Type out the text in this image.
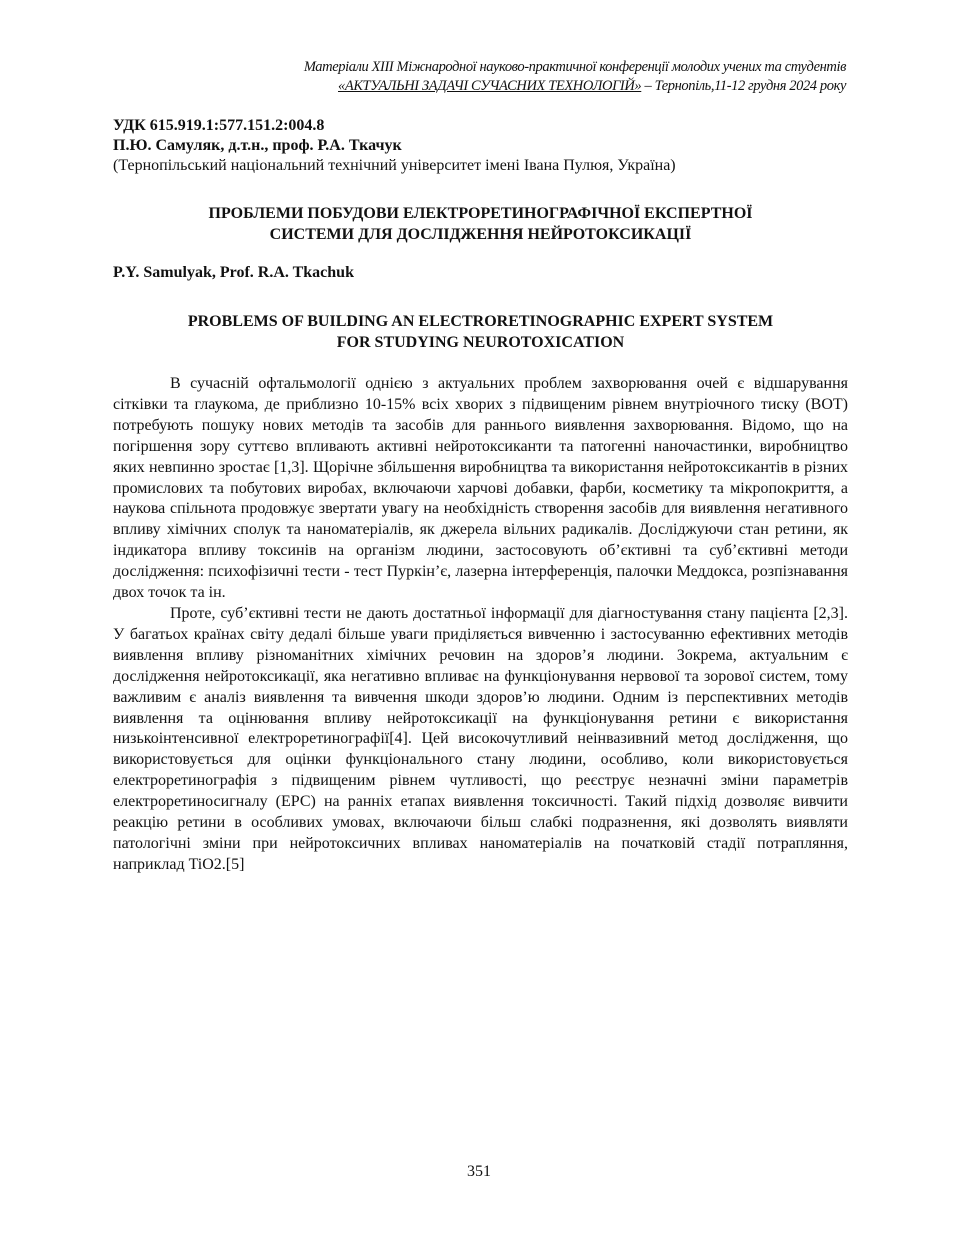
Матеріали XIII Міжнародної науково-практичної конференції молодих учених та студентів
«АКТУАЛЬНІ ЗАДАЧІ СУЧАСНИХ ТЕХНОЛОГІЙ» – Тернопіль,11-12 грудня 2024 року
УДК 615.919.1:577.151.2:004.8
П.Ю. Самуляк, д.т.н., проф. Р.А. Ткачук
(Тернопільський національний технічний університет імені Івана Пулюя, Україна)
ПРОБЛЕМИ ПОБУДОВИ ЕЛЕКТРОРЕТИНОГРАФІЧНОЇ ЕКСПЕРТНОЇ
СИСТЕМИ ДЛЯ ДОСЛІДЖЕННЯ НЕЙРОТОКСИКАЦІЇ
P.Y. Samulyak, Prof. R.A. Tkachuk
PROBLEMS OF BUILDING AN ELECTRORETINOGRAPHIC EXPERT SYSTEM
FOR STUDYING NEUROTOXICATION

В сучасній офтальмології однією з актуальних проблем захворювання очей є відшарування сітківки та глаукома, де приблизно 10-15% всіх хворих з підвищеним рівнем внутріочного тиску (ВОТ) потребують пошуку нових методів та засобів для раннього виявлення захворювання. Відомо, що на погіршення зору суттєво впливають активні нейротоксиканти та патогенні наночастинки, виробництво яких невпинно зростає [1,3]. Щорічне збільшення виробництва та використання нейротоксикантів в різних промислових та побутових виробах, включаючи харчові добавки, фарби, косметику та мікропокриття, а наукова спільнота продовжує звертати увагу на необхідність створення засобів для виявлення негативного впливу хімічних сполук та наноматеріалів, як джерела вільних радикалів. Досліджуючи стан ретини, як індикатора впливу токсинів на організм людини, застосовують об’єктивні та суб’єктивні методи дослідження: психофізичні тести - тест Пуркін’є, лазерна інтерференція, палочки Меддокса, розпізнавання двох точок та ін.

Проте, суб’єктивні тести не дають достатньої інформації для діагностування стану пацієнта [2,3]. У багатьох країнах світу дедалі більше уваги приділяється вивченню і застосуванню ефективних методів виявлення впливу різноманітних хімічних речовин на здоров’я людини. Зокрема, актуальним є дослідження нейротоксикації, яка негативно впливає на функціонування нервової та зорової систем, тому важливим є аналіз виявлення та вивчення шкоди здоров’ю людини. Одним із перспективних методів виявлення та оцінювання впливу нейротоксикації на функціонування ретини є використання низькоінтенсивної електроретинографії[4]. Цей високочутливий неінвазивний метод дослідження, що використовується для оцінки функціонального стану людини, особливо, коли використовується електроретинографія з підвищеним рівнем чутливості, що реєструє незначні зміни параметрів електроретиносигналу (ЕРС) на ранніх етапах виявлення токсичності. Такий підхід дозволяє вивчити реакцію ретини в особливих умовах, включаючи більш слабкі подразнення, які дозволять виявляти патологічні зміни при нейротоксичних впливах наноматеріалів на початковій стадії потрапляння, наприклад TiO2.[5]

351
